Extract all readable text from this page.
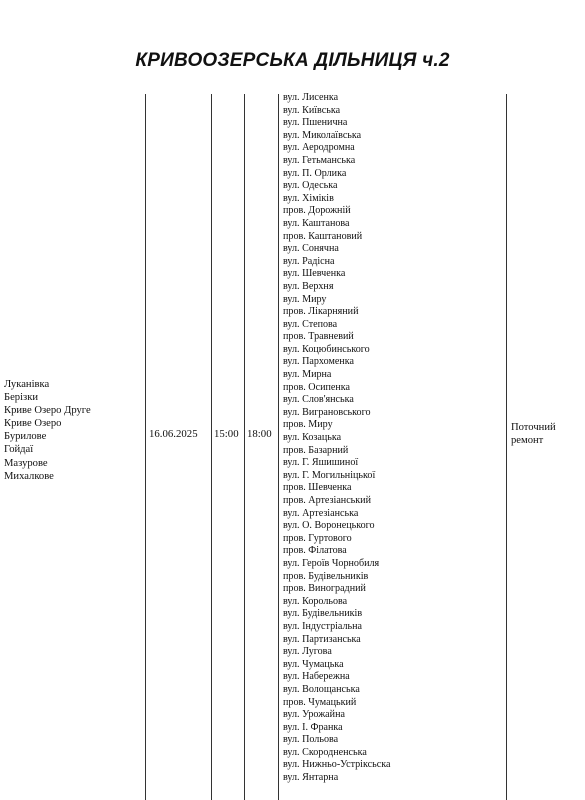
КРИВООЗЕРСЬКА ДІЛЬНИЦЯ ч.2
Луканівка
Берізки
Криве Озеро Друге
Криве Озеро
Бурилове
Гойдаї
Мазурове
Михалкове
16.06.2025 15:00 18:00
вул. Лисенка
вул. Київська
вул. Пшенична
вул. Миколаївська
вул. Аеродромна
вул. Гетьманська
вул. П. Орлика
вул. Одеська
вул. Хіміків
пров. Дорожній
вул. Каштанова
пров. Каштановий
вул. Сонячна
вул. Радісна
вул. Шевченка
вул. Верхня
вул. Миру
пров. Лікарняний
вул. Степова
пров. Травневий
вул. Коцюбинського
вул. Пархоменка
вул. Мирна
пров. Осипенка
вул. Слов'янська
вул. Виграновського
пров. Миру
вул. Козацька
пров. Базарний
вул. Г. Яшишиної
вул. Г. Могильніцької
пров. Шевченка
пров. Артезіанський
вул. Артезіанська
вул. О. Воронецького
пров. Гуртового
пров. Філатова
вул. Героїв Чорнобиля
пров. Будівельників
пров. Виноградний
вул. Корольова
вул. Будівельників
вул. Індустріальна
вул. Партизанська
вул. Лугова
вул. Чумацька
вул. Набережна
вул. Волощанська
пров. Чумацький
вул. Урожайна
вул. І. Франка
вул. Польова
вул. Скородненська
вул. Нижньо-Устріксьска
вул. Янтарна
Поточний
ремонт
